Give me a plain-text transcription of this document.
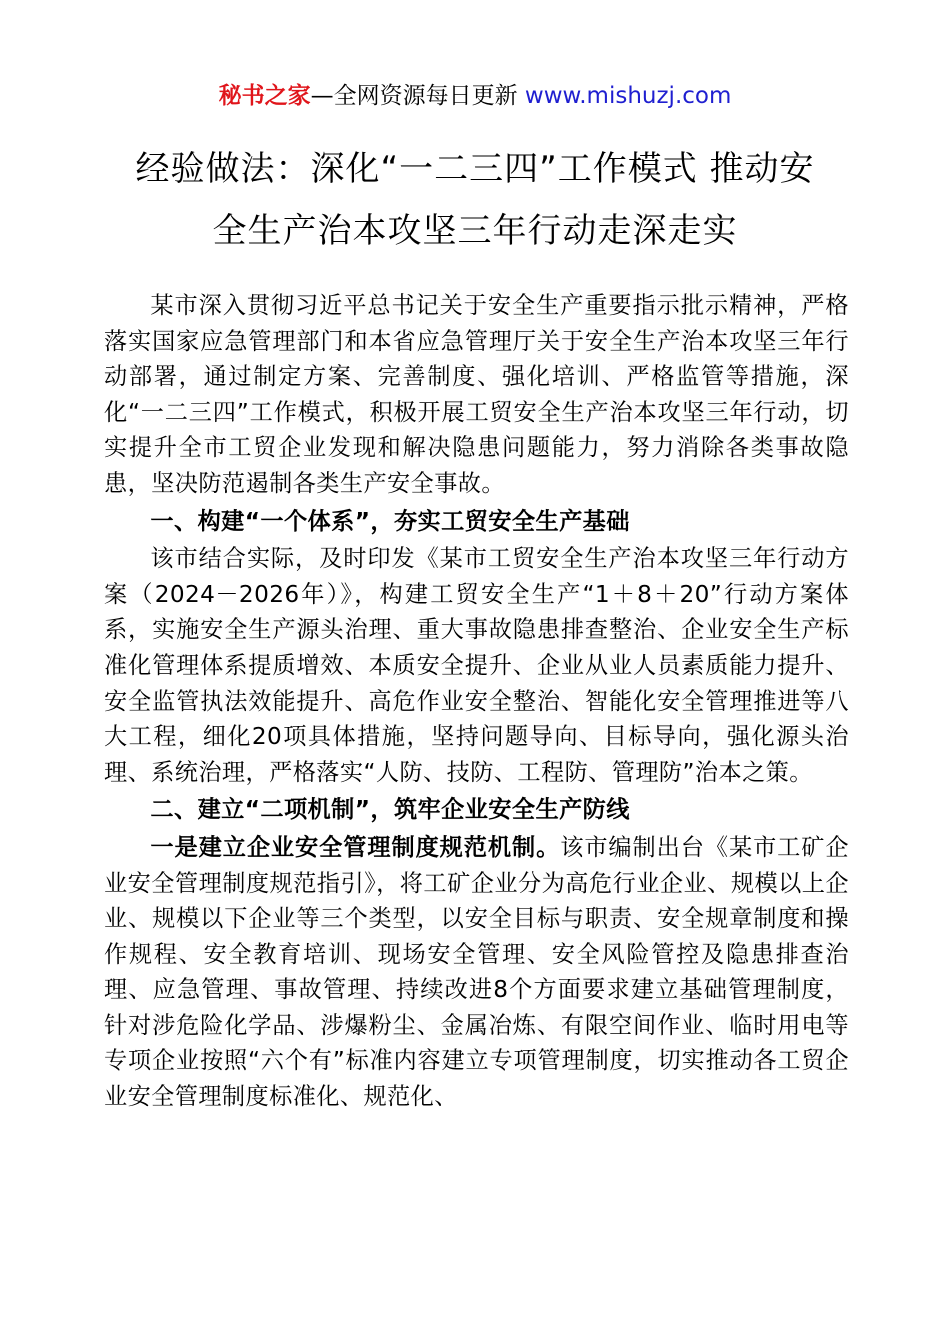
秘书之家—全网资源每日更新 www.mishuzj.com
经验做法：深化“一二三四”工作模式 推动安
全生产治本攻坚三年行动走深走实

某市深入贯彻习近平总书记关于安全生产重要指示批示精神，严格落实国家应急管理部门和本省应急管理厅关于安全生产治本攻坚三年行动部署，通过制定方案、完善制度、强化培训、严格监管等措施，深化“一二三四”工作模式，积极开展工贸安全生产治本攻坚三年行动，切实提升全市工贸企业发现和解决隐患问题能力，努力消除各类事故隐患，坚决防范遏制各类生产安全事故。

一、构建“一个体系”，夯实工贸安全生产基础

该市结合实际，及时印发《某市工贸安全生产治本攻坚三年行动方案（2024－2026年）》，构建工贸安全生产“1＋8＋20”行动方案体系，实施安全生产源头治理、重大事故隐患排查整治、企业安全生产标准化管理体系提质增效、本质安全提升、企业从业人员素质能力提升、安全监管执法效能提升、高危作业安全整治、智能化安全管理推进等八大工程，细化20项具体措施，坚持问题导向、目标导向，强化源头治理、系统治理，严格落实“人防、技防、工程防、管理防”治本之策。

二、建立“二项机制”，筑牢企业安全生产防线

一是建立企业安全管理制度规范机制。该市编制出台《某市工矿企业安全管理制度规范指引》，将工矿企业分为高危行业企业、规模以上企业、规模以下企业等三个类型，以安全目标与职责、安全规章制度和操作规程、安全教育培训、现场安全管理、安全风险管控及隐患排查治理、应急管理、事故管理、持续改进8个方面要求建立基础管理制度，针对涉危险化学品、涉爆粉尘、金属冶炼、有限空间作业、临时用电等专项企业按照“六个有”标准内容建立专项管理制度，切实推动各工贸企业安全管理制度标准化、规范化、
